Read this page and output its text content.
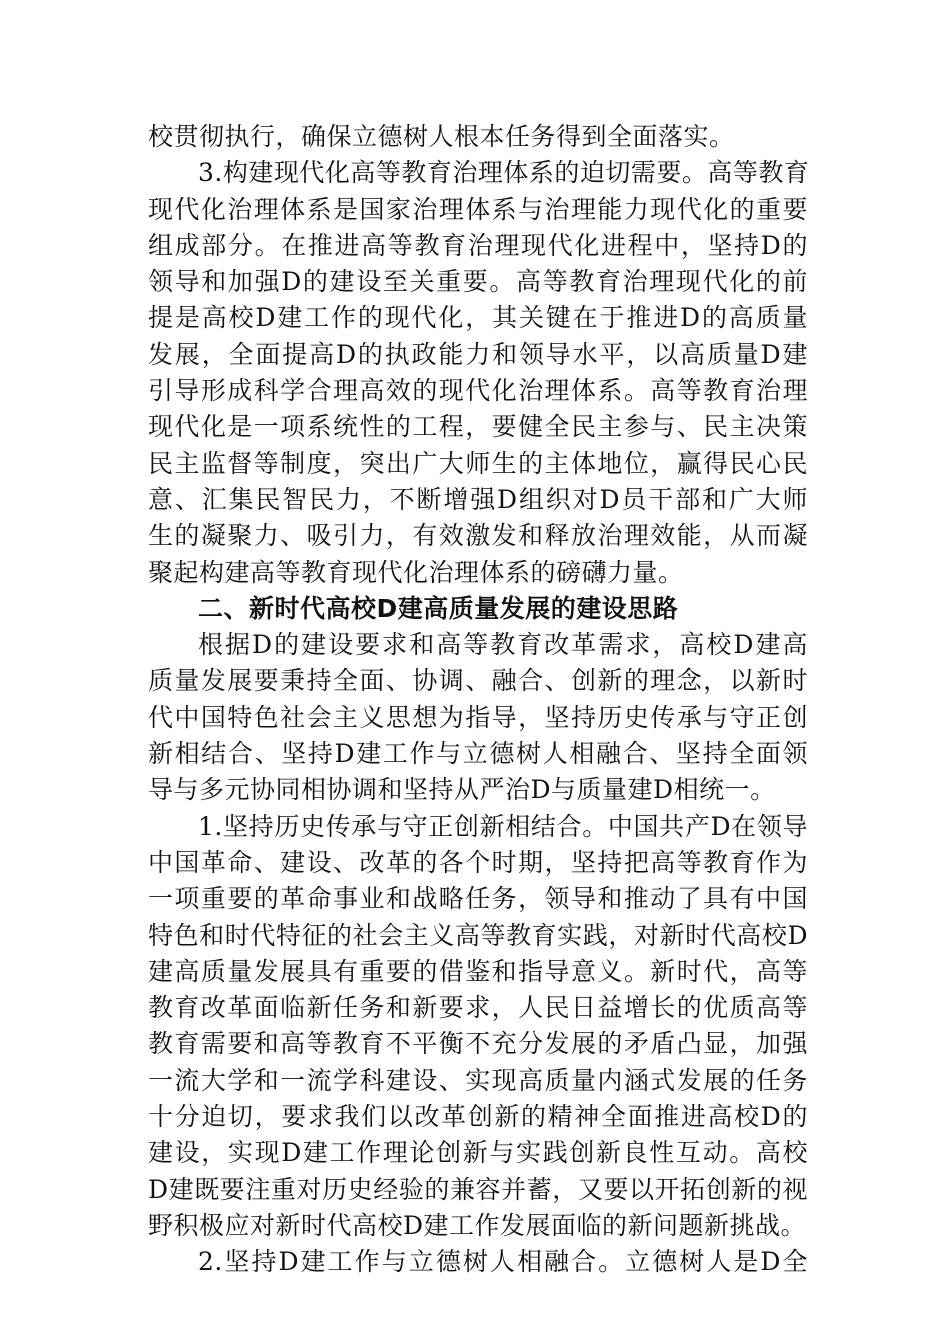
校贯彻执行，确保立德树人根本任务得到全面落实。
3.构建现代化高等教育治理体系的迫切需要。高等教育
现代化治理体系是国家治理体系与治理能力现代化的重要
组成部分。在推进高等教育治理现代化进程中，坚持D的
领导和加强D的建设至关重要。高等教育治理现代化的前
提是高校D建工作的现代化，其关键在于推进D的高质量
发展，全面提高D的执政能力和领导水平，以高质量D建
引导形成科学合理高效的现代化治理体系。高等教育治理
现代化是一项系统性的工程，要健全民主参与、民主决策
民主监督等制度，突出广大师生的主体地位，赢得民心民
意、汇集民智民力，不断增强D组织对D员干部和广大师
生的凝聚力、吸引力，有效激发和释放治理效能，从而凝
聚起构建高等教育现代化治理体系的磅礴力量。
二、新时代高校D建高质量发展的建设思路
根据D的建设要求和高等教育改革需求，高校D建高
质量发展要秉持全面、协调、融合、创新的理念，以新时
代中国特色社会主义思想为指导，坚持历史传承与守正创
新相结合、坚持D建工作与立德树人相融合、坚持全面领
导与多元协同相协调和坚持从严治D与质量建D相统一。
1.坚持历史传承与守正创新相结合。中国共产D在领导
中国革命、建设、改革的各个时期，坚持把高等教育作为
一项重要的革命事业和战略任务，领导和推动了具有中国
特色和时代特征的社会主义高等教育实践，对新时代高校D
建高质量发展具有重要的借鉴和指导意义。新时代，高等
教育改革面临新任务和新要求，人民日益增长的优质高等
教育需要和高等教育不平衡不充分发展的矛盾凸显，加强
一流大学和一流学科建设、实现高质量内涵式发展的任务
十分迫切，要求我们以改革创新的精神全面推进高校D的
建设，实现D建工作理论创新与实践创新良性互动。高校
D建既要注重对历史经验的兼容并蓄，又要以开拓创新的视
野积极应对新时代高校D建工作发展面临的新问题新挑战。
2.坚持D建工作与立德树人相融合。立德树人是D全
